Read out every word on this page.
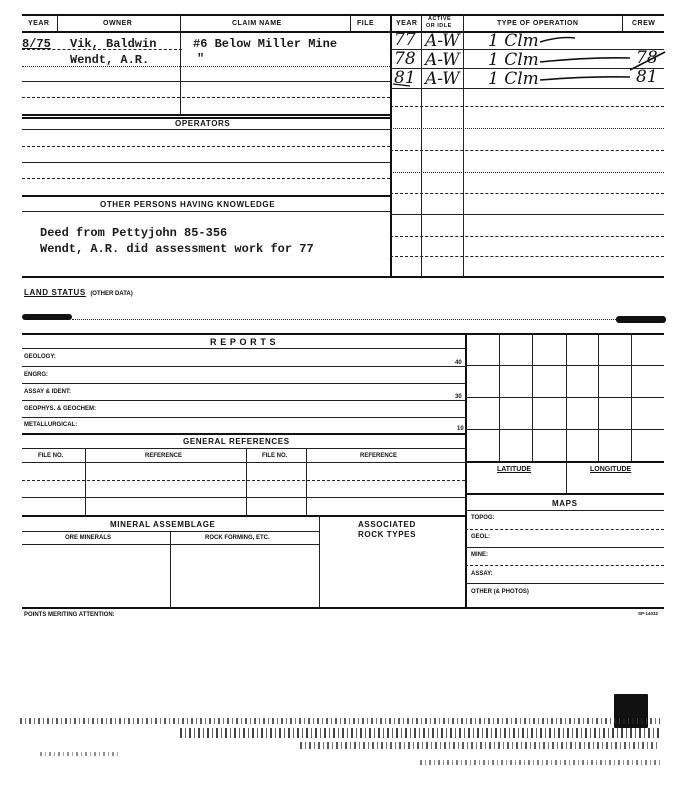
YEAR	OWNER	CLAIM NAME	FILE	YEAR
ACTIVE
OR IDLE	TYPE OF OPERATION	CREW
8/75 Vik, Baldwin	#6 Below Miller Mine
Wendt, A.R.	"
77 A-W 1 Clm
78 A-W 1 Clm	78
81 A-W 1 Clm	81
OPERATORS
OTHER PERSONS HAVING KNOWLEDGE
Deed from Pettyjohn 85-356
Wendt, A.R. did assessment work for 77
LAND STATUS (OTHER DATA)
R E P O R T S
GEOLOGY:
40
ENGRG:
ASSAY & IDENT:
30
GEOPHYS. & GEOCHEM:
METALLURGICAL:
10
GENERAL REFERENCES
FILE NO.	REFERENCE	FILE NO.	REFERENCE
LATITUDE	LONGITUDE
MAPS
TOPOG:
GEOL:
MINE:
ASSAY:
OTHER (& PHOTOS)
MINERAL ASSEMBLAGE
ORE MINERALS	ROCK FORMING, ETC.
ASSOCIATED
ROCK TYPES
POINTS MERITING ATTENTION:	SP-14032
